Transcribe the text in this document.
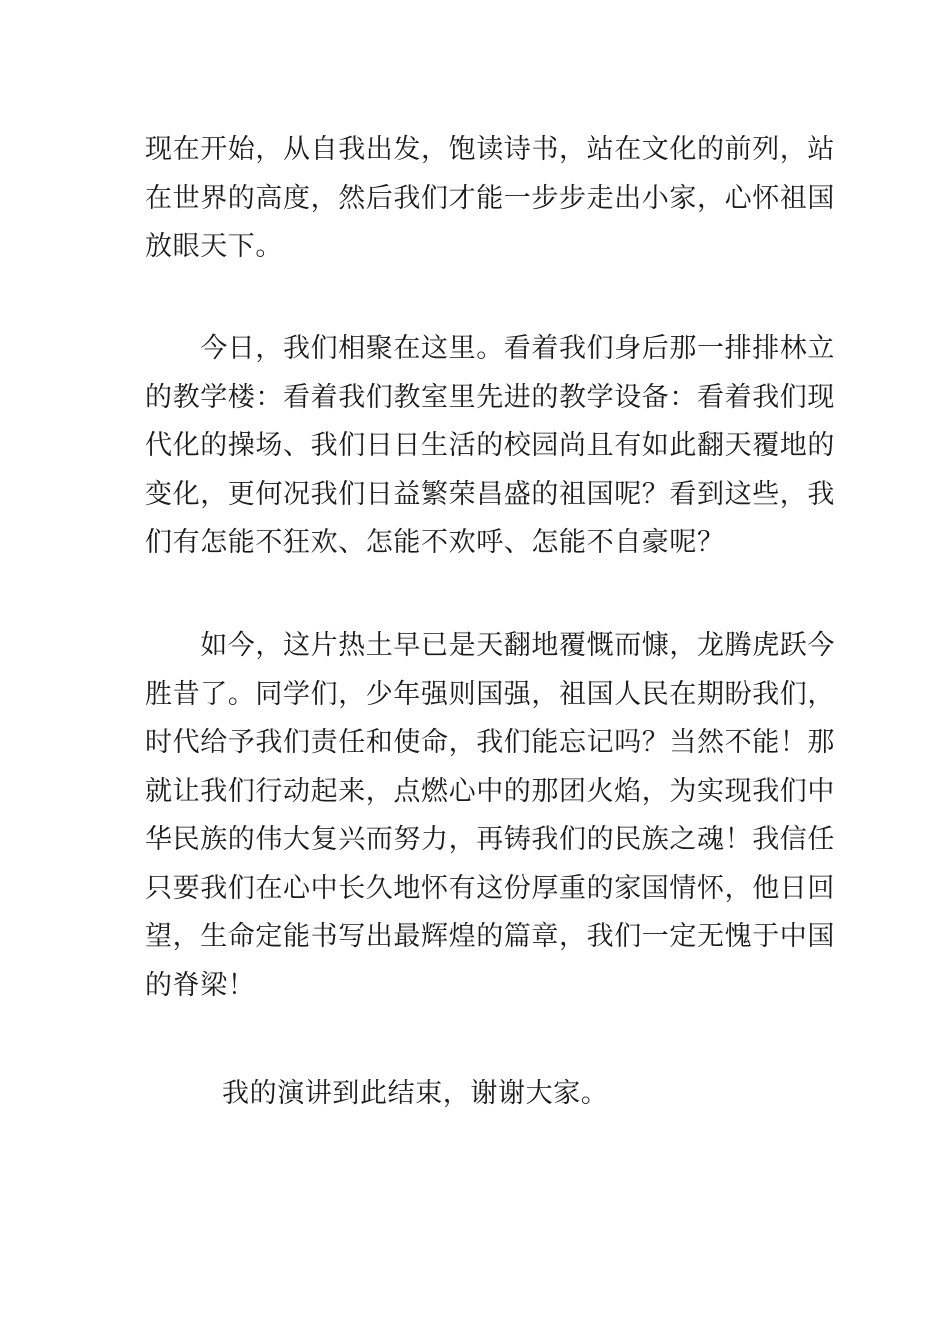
现在开始，从自我出发，饱读诗书，站在文化的前列，站
在世界的高度，然后我们才能一步步走出小家，心怀祖国
放眼天下。

　　今日，我们相聚在这里。看着我们身后那一排排林立
的教学楼：看着我们教室里先进的教学设备：看着我们现
代化的操场、我们日日生活的校园尚且有如此翻天覆地的
变化，更何况我们日益繁荣昌盛的祖国呢？看到这些，我
们有怎能不狂欢、怎能不欢呼、怎能不自豪呢？

　　如今，这片热土早已是天翻地覆慨而慷，龙腾虎跃今
胜昔了。同学们，少年强则国强，祖国人民在期盼我们，
时代给予我们责任和使命，我们能忘记吗？当然不能！那
就让我们行动起来，点燃心中的那团火焰，为实现我们中
华民族的伟大复兴而努力，再铸我们的民族之魂！我信任
只要我们在心中长久地怀有这份厚重的家国情怀，他日回
望，生命定能书写出最辉煌的篇章，我们一定无愧于中国
的脊梁！

我的演讲到此结束，谢谢大家。
